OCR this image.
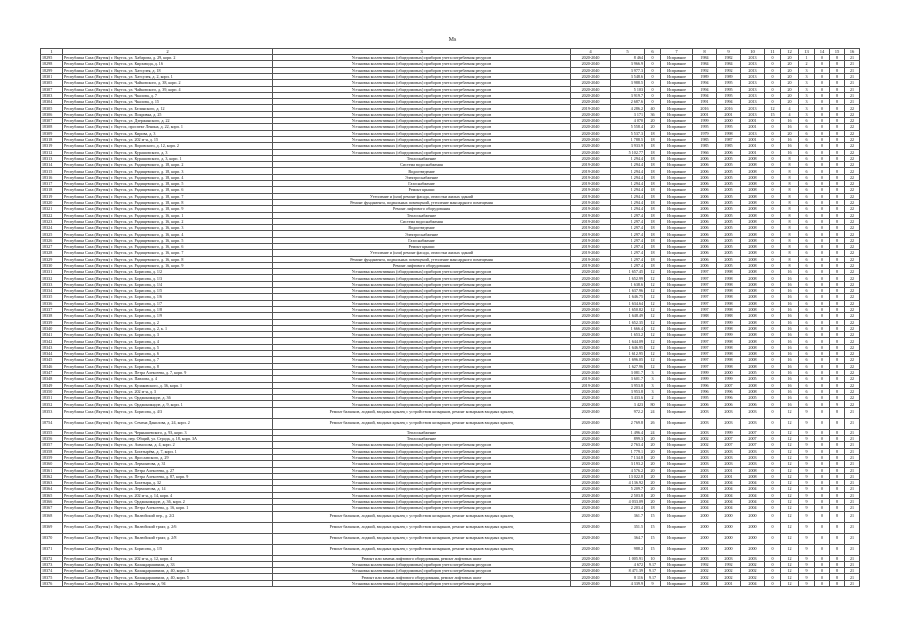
Ms
1	2	3	4	5	6	7	8	9	10	11	12	13	14	15	16
18295	Республика Саха (Якутия) г. Якутск, ул. Хабарова, д. 29, корп. 2	Установка коллективных (общедомовых) приборов учета потребления ресурсов	2020-2040	8 464	0	Исправное	1984	1982	2013	0	20	1	0	8	21
18298	Республика Саха (Якутия) г. Якутск, ул. Кирзавода, д. 16	Установка коллективных (общедомовых) приборов учета потребления ресурсов	2020-2040	3 966.9	0	Исправное	1984	1984	2013	0	20	2	0	8	21
18299	Республика Саха (Якутия) г. Якутск, ул. Хатсулея, д. 18	Установка коллективных (общедомовых) приборов учета потребления ресурсов	2020-2040	3 977.3	0	Исправное	1992	1992	2013	0	20	3	0	8	21
18301	Республика Саха (Якутия) г. Якутск, ул. Хатсулея, д. 2, корп. 1	Установка коллективных (общедомовых) приборов учета потребления ресурсов	2020-2040	3 548.6	0	Исправное	1989	1989	2013	0	20	3	0	8	21
18305	Республика Саха (Якутия) г. Якутск, ул. Чайковского, д. 38, корп. 2	Установка коллективных (общедомовых) приборов учета потребления ресурсов	2020-2040	3 988.5	0	Исправное	1994	1995	2013	0	20	3	0	8	21
18307	Республика Саха (Якутия) г. Якутск, ул. Чайковского, д. 39, корп. 4	Установка коллективных (общедомовых) приборов учета потребления ресурсов	2020-2040	5 103	0	Исправное	1994	1995	2013	0	20	3	0	8	21
18303	Республика Саха (Якутия) г. Якутск, ул. Чкалова, д. 7	Установка коллективных (общедомовых) приборов учета потребления ресурсов	2020-2040	3 919.7	0	Исправное	1994	1995	2013	0	20	3	0	8	21
18304	Республика Саха (Якутия) г. Якутск, ул. Чкалова, д. 15	Установка коллективных (общедомовых) приборов учета потребления ресурсов	2020-2040	2 687.6	0	Исправное	1991	1994	2013	0	20	3	0	8	21
18305	Республика Саха (Якутия) г. Якутск, ул. Белинского, д. 12	Установка коллективных (общедомовых) приборов учета потребления ресурсов	2019-2040	4 286.2	40	Исправное	2016	2016	2013	12	4	3	0	8	22
18306	Республика Саха (Якутия) г. Якутск, ул. Покровка, д. 25	Установка коллективных (общедомовых) приборов учета потребления ресурсов	2020-2040	3 171	36	Исправное	2001	2001	2013	15	4	3	0	8	22
18307	Республика Саха (Якутия) г. Якутск, ул. Дзержинского, д. 22	Установка коллективных (общедомовых) приборов учета потребления ресурсов	2020-2040	4 070	20	Исправное	1999	2000	2001	0	16	6	0	8	22
18308	Республика Саха (Якутия) г. Якутск, проспект Ленина, д. 22, корп. 1	Установка коллективных (общедомовых) приборов учета потребления ресурсов	2020-2040	5 558.4	20	Исправное	1995	1995	2001	0	16	6	0	8	22
18309	Республика Саха (Якутия) г. Якутск, ул. Кирова, д. 3	Установка коллективных (общедомовых) приборов учета потребления ресурсов	2020-2040	5 537.3	18	Исправное	1979	1998	2013	0	20	6	0	8	22
18318	Республика Саха (Якутия) г. Якутск, ул. 202 м-н, д. 15	Установка коллективных (общедомовых) приборов учета потребления ресурсов	2020-2040	1 788.5	18	Исправное	1985	1987	2001	0	16	6	0	8	22
18319	Республика Саха (Якутия) г. Якутск, ул. Воровского, д. 12, корп. 2	Установка коллективных (общедомовых) приборов учета потребления ресурсов	2020-2040	3 933.9	18	Исправное	1985	1985	2001	0	16	6	0	8	22
18312	Республика Саха (Якутия) г. Якутск, ул. Курашовского, д. 3	Установка коллективных (общедомовых) приборов учета потребления ресурсов	2020-2040	5 102.77	18	Исправное	1966	2006	2001	0	16	6	0	8	22
18313	Республика Саха (Якутия) г. Якутск, ул. Курашовского, д. 3, корп. 1	Теплоснабжение	2020-2040	1 294.4	18	Исправное	2006	2005	2008	0	8	6	0	8	22
18314	Республика Саха (Якутия) г. Якутск, ул. Радищевского, д. 18, корп. 2	Система водоснабжения	2019-2040	1 294.4	18	Исправное	2006	2005	2008	0	8	6	0	8	22
18315	Республика Саха (Якутия) г. Якутск, ул. Радищевского, д. 18, корп. 3	Водоотведение	2019-2040	1 294.4	18	Исправное	2006	2005	2008	0	8	6	0	8	22
18316	Республика Саха (Якутия) г. Якутск, ул. Радищевского, д. 18, корп. 4	Электроснабжение	2019-2040	1 294.4	18	Исправное	2006	2005	2008	0	8	6	0	8	22
18317	Республика Саха (Якутия) г. Якутск, ул. Радищевского, д. 18, корп. 5	Газоснабжение	2019-2040	1 294.4	18	Исправное	2006	2005	2008	0	8	6	0	8	22
18318	Республика Саха (Якутия) г. Якутск, ул. Радищевского, д. 18, корп. 6	Ремонт крыши	2019-2040	1 294.4	18	Исправное	2006	2005	2008	0	8	6	0	8	22
18319	Республика Саха (Якутия) г. Якутск, ул. Радищевского, д. 18, корп. 7	Утепление и (или) ремонт фасада, отмостки жилых зданий	2019-2040	1 294.4	18	Исправное	2006	2005	2008	0	8	6	0	8	22
18320	Республика Саха (Якутия) г. Якутск, ул. Радищевского, д. 18, корп. 8	Ремонт фундамента, подвальных помещений, утепление мансардного помещения	2019-2040	1 294.4	18	Исправное	2006	2005	2008	0	8	6	0	8	22
18321	Республика Саха (Якутия) г. Якутск, ул. Радищевского, д. 18, корп. 9	Ремонт лифтового оборудования	2019-2040	1 294.4	18	Исправное	2006	2005	2008	0	8	6	0	8	22
18322	Республика Саха (Якутия) г. Якутск, ул. Радищевского, д. 16, корп. 1	Теплоснабжение	2019-2040	1 297.4	18	Исправное	2006	2005	2008	0	8	6	0	8	22
18323	Республика Саха (Якутия) г. Якутск, ул. Радищевского, д. 16, корп. 2	Система водоснабжения	2019-2040	1 297.4	18	Исправное	2006	2005	2008	0	8	6	0	8	22
18324	Республика Саха (Якутия) г. Якутск, ул. Радищевского, д. 16, корп. 3	Водоотведение	2019-2040	1 297.4	18	Исправное	2006	2005	2008	0	8	6	0	8	22
18325	Республика Саха (Якутия) г. Якутск, ул. Радищевского, д. 16, корп. 4	Электроснабжение	2019-2040	1 297.4	18	Исправное	2006	2005	2008	0	8	6	0	8	22
18326	Республика Саха (Якутия) г. Якутск, ул. Радищевского, д. 16, корп. 5	Газоснабжение	2019-2040	1 297.4	18	Исправное	2006	2005	2008	0	8	6	0	8	22
18327	Республика Саха (Якутия) г. Якутск, ул. Радищевского, д. 16, корп. 6	Ремонт крыши	2019-2040	1 297.4	18	Исправное	2006	2005	2008	0	8	6	0	8	22
18328	Республика Саха (Якутия) г. Якутск, ул. Радищевского, д. 16, корп. 7	Утепление и (или) ремонт фасада, отмостки жилых зданий	2019-2040	1 297.4	18	Исправное	2006	2005	2008	0	8	6	0	8	22
18329	Республика Саха (Якутия) г. Якутск, ул. Радищевского, д. 16, корп. 8	Ремонт фундамента, подвальных помещений, утепление мансардного помещения	2019-2040	1 297.4	18	Исправное	2006	2005	2008	0	8	6	0	8	22
18330	Республика Саха (Якутия) г. Якутск, ул. Радищевского, д. 16, корп. 9	Ремонт лифтового оборудования	2019-2040	1 297.4	18	Исправное	2006	2005	2008	0	8	6	0	8	22
18331	Республика Саха (Якутия) г. Якутск, ул. Борисова, д. 1/2	Установка коллективных (общедомовых) приборов учета потребления ресурсов	2020-2040	1 657.45	12	Исправное	1997	1998	2008	0	16	6	0	8	22
18332	Республика Саха (Якутия) г. Якутск, ул. Борисова, д. 1/3	Установка коллективных (общедомовых) приборов учета потребления ресурсов	2020-2040	1 652.99	12	Исправное	1997	1998	2008	0	16	6	0	8	22
18333	Республика Саха (Якутия) г. Якутск, ул. Борисова, д. 1/4	Установка коллективных (общедомовых) приборов учета потребления ресурсов	2020-2040	1 638.6	12	Исправное	1997	1998	2008	0	16	6	0	8	22
18334	Республика Саха (Якутия) г. Якутск, ул. Борисова, д. 1/5	Установка коллективных (общедомовых) приборов учета потребления ресурсов	2020-2040	1 637.96	12	Исправное	1997	1998	2008	0	16	6	0	8	22
18335	Республика Саха (Якутия) г. Якутск, ул. Борисова, д. 1/6	Установка коллективных (общедомовых) приборов учета потребления ресурсов	2020-2040	1 646.75	12	Исправное	1997	1998	2008	0	16	6	0	8	22
18336	Республика Саха (Якутия) г. Якутск, ул. Борисова, д. 1/7	Установка коллективных (общедомовых) приборов учета потребления ресурсов	2020-2040	1 634.64	12	Исправное	1997	1998	2008	0	16	6	0	8	22
18337	Республика Саха (Якутия) г. Якутск, ул. Борисова, д. 1/8	Установка коллективных (общедомовых) приборов учета потребления ресурсов	2020-2040	1 650.82	12	Исправное	1997	1998	2008	0	16	6	0	8	22
18338	Республика Саха (Якутия) г. Якутск, ул. Борисова, д. 1/9	Установка коллективных (общедомовых) приборов учета потребления ресурсов	2020-2040	1 648.49	12	Исправное	1988	1988	2008	0	16	6	0	8	22
18339	Республика Саха (Якутия) г. Якутск, ул. Борисова, д. 2	Установка коллективных (общедомовых) приборов учета потребления ресурсов	2020-2040	1 652.35	12	Исправное	1997	1999	2008	0	16	6	0	8	22
18340	Республика Саха (Якутия) г. Якутск, ул. Борисова, д. 2, к. 1	Установка коллективных (общедомовых) приборов учета потребления ресурсов	2020-2040	1 666.4	12	Исправное	1997	1998	2008	0	16	6	0	8	22
18341	Республика Саха (Якутия) г. Якутск, ул. Борисова, д. 3	Установка коллективных (общедомовых) приборов учета потребления ресурсов	2020-2040	1 653.2	12	Исправное	1997	1999	2008	0	16	6	0	8	22
18342	Республика Саха (Якутия) г. Якутск, ул. Борисова, д. 4	Установка коллективных (общедомовых) приборов учета потребления ресурсов	2020-2040	1 644.09	12	Исправное	1997	1998	2008	0	16	6	0	8	22
18343	Республика Саха (Якутия) г. Якутск, ул. Борисова, д. 5	Установка коллективных (общедомовых) приборов учета потребления ресурсов	2020-2040	1 646.95	12	Исправное	1997	1998	2008	0	16	6	0	8	22
18344	Республика Саха (Якутия) г. Якутск, ул. Борисова, д. 6	Установка коллективных (общедомовых) приборов учета потребления ресурсов	2020-2040	1 612.95	12	Исправное	1997	1998	2008	0	16	6	0	8	22
18345	Республика Саха (Якутия) г. Якутск, ул. Борисова, д. 7	Установка коллективных (общедомовых) приборов учета потребления ресурсов	2020-2040	1 696.05	12	Исправное	1997	1998	2008	0	16	6	0	8	22
18346	Республика Саха (Якутия) г. Якутск, ул. Борисова, д. 8	Установка коллективных (общедомовых) приборов учета потребления ресурсов	2020-2040	1 627.96	12	Исправное	1997	1998	2008	0	16	6	0	8	22
18347	Республика Саха (Якутия) г. Якутск, ул. Петра Алексеева, д. 7, корп. 9	Установка коллективных (общедомовых) приборов учета потребления ресурсов	2020-2040	3 081.7	3	Исправное	1999	2000	2005	0	16	6	0	8	22
18348	Республика Саха (Якутия) г. Якутск, ул. Павлова, д. 4	Установка коллективных (общедомовых) приборов учета потребления ресурсов	2019-2040	3 601.7	3	Исправное	1999	1999	2005	0	16	6	0	8	22
18349	Республика Саха (Якутия) г. Якутск, ул. Кулаковского, д. 36, корп. 1	Установка коллективных (общедомовых) приборов учета потребления ресурсов	2019-2040	3 953.8	3	Исправное	1996	2007	2008	0	16	6	0	8	22
18350	Республика Саха (Якутия) г. Якутск, ул. 202 м-н, д. 3	Установка коллективных (общедомовых) приборов учета потребления ресурсов	2020-2040	3 953.8	3	Исправное	1996	1996	2008	0	16	6	0	8	22
18351	Республика Саха (Якутия) г. Якутск, ул. Орджоникидзе, д. 36	Установка коллективных (общедомовых) приборов учета потребления ресурсов	2020-2040	3 433.6	2	Исправное	1995	1996	2005	0	16	6	0	8	22
18352	Республика Саха (Якутия) г. Якутск, ул. Орджоникидзе, д. 9, корп. 1	Установка коллективных (общедомовых) приборов учета потребления ресурсов	2020-2040	3 423	80	Исправное	2006	2006	2006	0	16	6	0	9	22
18353	Республика Саха (Якутия) г. Якутск, ул. Борисова, д. 4/3	Ремонт балконов, лоджий, входных крылец с устройством козырьков, ремонт козырьков входных крылец	2020-2040	972.2	24	Исправное	2003	2003	2003	0	12	9	0	8	21
18754	Республика Саха (Якутия) г. Якутск, ул. Семена Данилова, д. 24, корп. 2	Ремонт балконов, лоджий, входных крылец с устройством козырьков, ремонт козырьков входных крылец	2020-2040	2 769.8	26	Исправное	2003	2003	2003	0	12	9	0	8	21
18355	Республика Саха (Якутия) г. Якутск, ул. Чернышевского, д. 93, корп. 3	Теплоснабжение	2020-2040	1 496.4	24	Исправное	2003	1999	2007	0	12	9	0	8	21
18356	Республика Саха (Якутия) г. Якутск, пер. Общий, ул. Строда, д. 18, корп. 3А	Теплоснабжение	2020-2040	899.3	20	Исправное	2002	2007	2007	0	12	9	0	8	21
18357	Республика Саха (Якутия) г. Якутск, ул. Аммосова, д. 4, корп. 2	Установка коллективных (общедомовых) приборов учета потребления ресурсов	2020-2040	2 763.4	20	Исправное	2002	2007	2007	0	12	9	0	8	21
18358	Республика Саха (Якутия) г. Якутск, ул. Богатырёва, д. 7, корп. 1	Установка коллективных (общедомовых) приборов учета потребления ресурсов	2020-2040	1 779.1	20	Исправное	2003	2003	2003	0	12	9	0	8	21
18359	Республика Саха (Якутия) г. Якутск, ул. Ярославского, д. 29	Установка коллективных (общедомовых) приборов учета потребления ресурсов	2020-2040	7 134.8	20	Исправное	2003	2003	2003	0	12	9	0	8	21
18360	Республика Саха (Якутия) г. Якутск, ул. Лермонтова, д. 31	Установка коллективных (общедомовых) приборов учета потребления ресурсов	2020-2040	3 193.2	20	Исправное	2003	2003	2003	0	12	9	0	8	21
18361	Республика Саха (Якутия) г. Якутск, ул. Петра Алексеева, д. 27	Установка коллективных (общедомовых) приборов учета потребления ресурсов	2020-2040	4 576.2	20	Исправное	2003	2001	2008	0	12	9	0	8	21
18362	Республика Саха (Якутия) г. Якутск, ул. Петра Алексеева, д. 87, корп. 9	Установка коллективных (общедомовых) приборов учета потребления ресурсов	2020-2040	13 022.8	20	Исправное	2001	2001	2008	0	12	9	0	8	21
18363	Республика Саха (Якутия) г. Якутск, ул. Богатыря, д. 32	Установка коллективных (общедомовых) приборов учета потребления ресурсов	2020-2040	4 136.92	20	Исправное	2004	2004	2004	0	12	9	0	8	21
18364	Республика Саха (Якутия) г. Якутск, ул. Лермонтова, д. 14	Установка коллективных (общедомовых) приборов учета потребления ресурсов	2020-2040	5 209.7	20	Исправное	2001	2004	2004	0	12	9	0	8	21
18365	Республика Саха (Якутия) г. Якутск, ул. 202 м-н, д. 14, корп. 4	Установка коллективных (общедомовых) приборов учета потребления ресурсов	2020-2040	2 503.8	20	Исправное	2004	2004	2004	0	12	9	0	8	21
18366	Республика Саха (Якутия) г. Якутск, ул. Орджоникидзе, д. 36, корп. 2	Установка коллективных (общедомовых) приборов учета потребления ресурсов	2020-2040	4 033.09	20	Исправное	2004	2004	2004	0	12	9	0	8	21
18367	Республика Саха (Якутия) г. Якутск, ул. Петра Алексеева, д. 16, корп. 1	Установка коллективных (общедомовых) приборов учета потребления ресурсов	2020-2040	2 203.4	18	Исправное	2004	2004	2004	0	12	9	0	8	21
18368	Республика Саха (Якутия) г. Якутск, ул. Вилюйский пер., д. 2/2	Ремонт балконов, лоджий, входных крылец с устройством козырьков, ремонт козырьков входных крылец	2020-2040	361.7	15	Исправное	2000	2000	2000	0	12	9	0	8	21
18369	Республика Саха (Якутия) г. Якутск, ул. Вилюйский тракт, д. 2/6	Ремонт балконов, лоджий, входных крылец с устройством козырьков, ремонт козырьков входных крылец	2020-2040	351.5	15	Исправное	2000	2000	2000	0	12	9	0	8	21
18370	Республика Саха (Якутия) г. Якутск, ул. Вилюйский тракт, д. 2/8	Ремонт балконов, лоджий, входных крылец с устройством козырьков, ремонт козырьков входных крылец	2020-2040	364.7	15	Исправное	2000	2000	2000	0	12	9	0	8	21
18371	Республика Саха (Якутия) г. Якутск, ул. Борисова, д. 1/5	Ремонт балконов, лоджий, входных крылец с устройством козырьков, ремонт козырьков входных крылец	2020-2040	988.2	15	Исправное	2000	2000	2000	0	12	9	0	8	21
18372	Республика Саха (Якутия) г. Якутск, ул. 202 м-н, д. 12, корп. 4	Ремонт или замена лифтового оборудования, ремонт лифтовых шахт	2020-2040	1 005.91	10	Исправное	2003	2003	2003	0	12	9	0	8	21
18373	Республика Саха (Якутия) г. Якутск, ул. Каландарашвили, д. 33	Установка коллективных (общедомовых) приборов учета потребления ресурсов	2020-2040	4 672	9.17	Исправное	1992	1992	2002	0	12	9	0	8	21
18374	Республика Саха (Якутия) г. Якутск, ул. Каландарашвили, д. 40, корп. 3	Установка коллективных (общедомовых) приборов учета потребления ресурсов	2020-2040	8 471.39	9.17	Исправное	2002	2002	2002	0	12	9	0	8	21
18375	Республика Саха (Якутия) г. Якутск, ул. Каландарашвили, д. 40, корп. 5	Ремонт или замена лифтового оборудования, ремонт лифтовых шахт	2020-2040	8 116	9.17	Исправное	2002	2002	2002	0	12	9	0	8	21
18376	Республика Саха (Якутия) г. Якутск, ул. Лермонтова, д. 94	Установка коллективных (общедомовых) приборов учета потребления ресурсов	2020-2040	4 339.9	9	Исправное	2004	2001	2004	0	12	9	0	8	21
